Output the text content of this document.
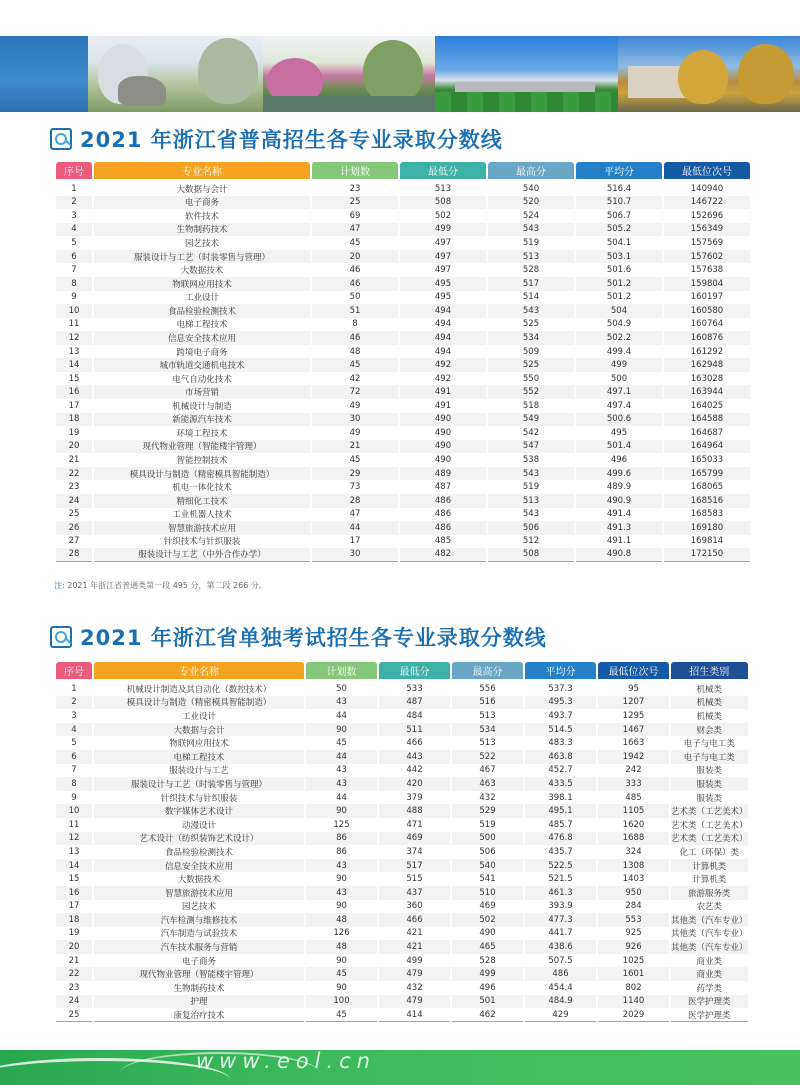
2021 年浙江省普高招生各专业录取分数线
序号	专业名称	计划数	最低分	最高分	平均分	最低位次号
1	大数据与会计	23	513	540	516.4	140940
2	电子商务	25	508	520	510.7	146722
3	软件技术	69	502	524	506.7	152696
4	生物制药技术	47	499	543	505.2	156349
5	园艺技术	45	497	519	504.1	157569
6	服装设计与工艺（时装零售与管理）	20	497	513	503.1	157602
7	大数据技术	46	497	528	501.6	157638
8	物联网应用技术	46	495	517	501.2	159804
9	工业设计	50	495	514	501.2	160197
10	食品检验检测技术	51	494	543	504	160580
11	电梯工程技术	8	494	525	504.9	160764
12	信息安全技术应用	46	494	534	502.2	160876
13	跨境电子商务	48	494	509	499.4	161292
14	城市轨道交通机电技术	45	492	525	499	162948
15	电气自动化技术	42	492	550	500	163028
16	市场营销	72	491	552	497.1	163944
17	机械设计与制造	49	491	518	497.4	164025
18	新能源汽车技术	30	490	549	500.6	164588
19	环境工程技术	49	490	542	495	164687
20	现代物业管理（智能楼宇管理）	21	490	547	501.4	164964
21	智能控制技术	45	490	538	496	165033
22	模具设计与制造（精密模具智能制造）	29	489	543	499.6	165799
23	机电一体化技术	73	487	519	489.9	168065
24	精细化工技术	28	486	513	490.9	168516
25	工业机器人技术	47	486	543	491.4	168583
26	智慧旅游技术应用	44	486	506	491.3	169180
27	针织技术与针织服装	17	485	512	491.1	169814
28	服装设计与工艺（中外合作办学）	30	482	508	490.8	172150
注: 2021 年浙江省普通类第一段 495 分，第二段 266 分。
2021 年浙江省单独考试招生各专业录取分数线
序号	专业名称	计划数	最低分	最高分	平均分	最低位次号	招生类别
1	机械设计制造及其自动化（数控技术）	50	533	556	537.3	95	机械类
2	模具设计与制造（精密模具智能制造）	43	487	516	495.3	1207	机械类
3	工业设计	44	484	513	493.7	1295	机械类
4	大数据与会计	90	511	534	514.5	1467	财会类
5	物联网应用技术	45	466	513	483.3	1663	电子与电工类
6	电梯工程技术	44	443	522	463.8	1942	电子与电工类
7	服装设计与工艺	43	442	467	452.7	242	服装类
8	服装设计与工艺（时装零售与管理）	43	420	463	433.5	333	服装类
9	针织技术与针织服装	44	379	432	398.1	485	服装类
10	数字媒体艺术设计	90	488	529	495.1	1105	艺术类（工艺美术）
11	动漫设计	125	471	519	485.7	1620	艺术类（工艺美术）
12	艺术设计（纺织装饰艺术设计）	86	469	500	476.8	1688	艺术类（工艺美术）
13	食品检验检测技术	86	374	506	435.7	324	化工（环保）类
14	信息安全技术应用	43	517	540	522.5	1308	计算机类
15	大数据技术	90	515	541	521.5	1403	计算机类
16	智慧旅游技术应用	43	437	510	461.3	950	旅游服务类
17	园艺技术	90	360	469	393.9	284	农艺类
18	汽车检测与维修技术	48	466	502	477.3	553	其他类（汽车专业）
19	汽车制造与试验技术	126	421	490	441.7	925	其他类（汽车专业）
20	汽车技术服务与营销	48	421	465	438.6	926	其他类（汽车专业）
21	电子商务	90	499	528	507.5	1025	商业类
22	现代物业管理（智能楼宇管理）	45	479	499	486	1601	商业类
23	生物制药技术	90	432	496	454.4	802	药学类
24	护理	100	479	501	484.9	1140	医学护理类
25	康复治疗技术	45	414	462	429	2029	医学护理类
www.eol.cn
